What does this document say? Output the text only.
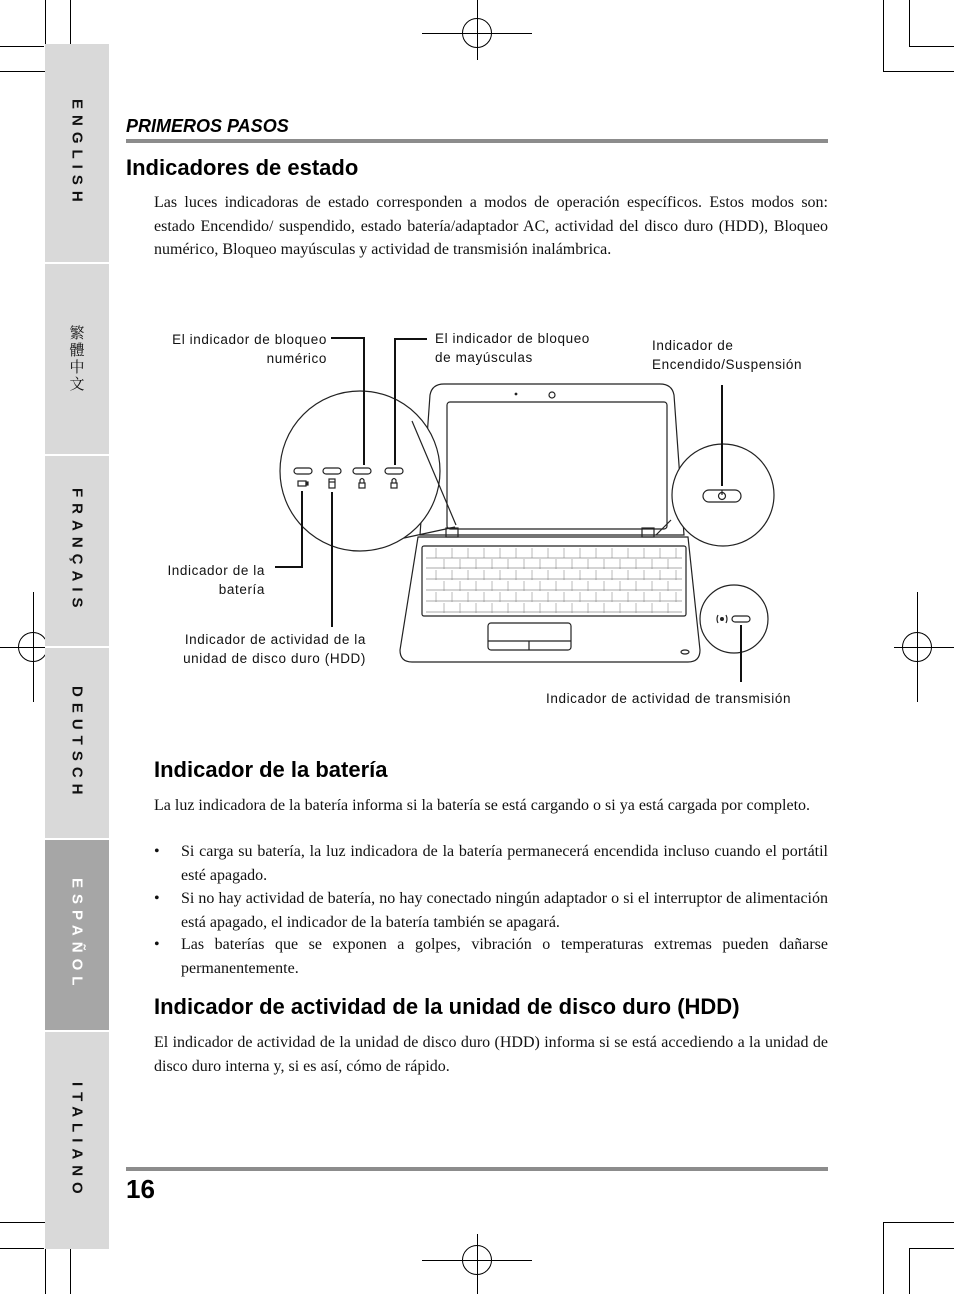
ENGLISH
繁體中文
FRANÇAIS
DEUTSCH
ESPAÑOL
ITALIANO
PRIMEROS PASOS
Indicadores de estado

Las luces indicadoras de estado corresponden a modos de operación específicos. Estos modos son: estado Encendido/ suspendido, estado batería/adaptador AC, actividad del disco duro (HDD), Bloqueo numérico, Bloqueo mayúsculas y actividad de transmisión inalámbrica.

El indicador de bloqueo numérico
El indicador de bloqueo de mayúsculas
Indicador de Encendido/Suspensión
Indicador de la batería
Indicador de actividad de la unidad de disco duro (HDD)
Indicador de actividad de transmisión
Indicador de la batería

La luz indicadora de la batería informa si la batería se está cargando o si ya está cargada por completo.

•	Si carga su batería, la luz indicadora de la batería permanecerá encendida incluso cuando el portátil esté apagado.
•	Si no hay actividad de batería, no hay conectado ningún adaptador o si el interruptor de alimentación está apagado, el indicador de la batería también se apagará.
•	Las baterías que se exponen a golpes, vibración o temperaturas extremas pueden dañarse permanentemente.
Indicador de actividad de la unidad de disco duro (HDD)

El indicador de actividad de la unidad de disco duro (HDD) informa si se está accediendo a la unidad de disco duro interna y, si es así, cómo de rápido.

16
